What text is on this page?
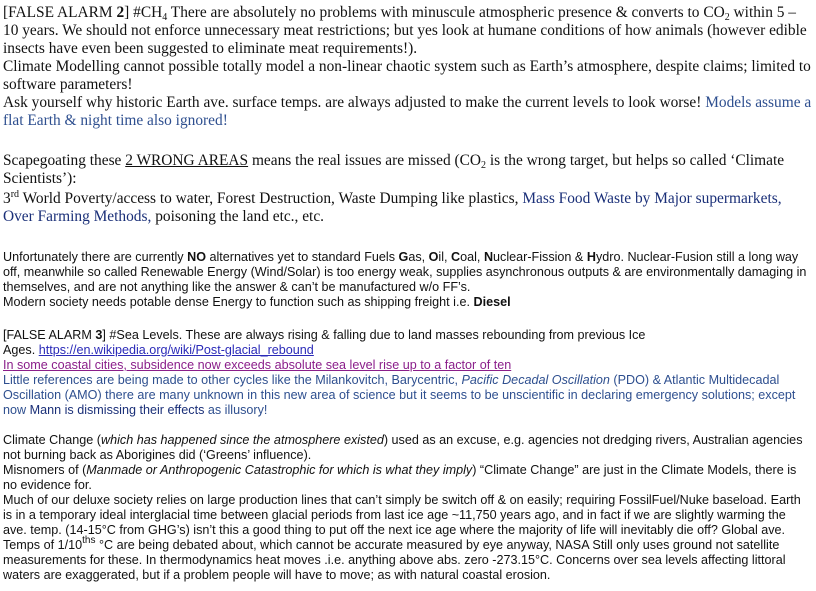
[FALSE ALARM 2] $\#CH_4$ There are absolutely no problems with minuscule atmospheric presence & converts to $CO_2$ within 5 – 10 years. We should not enforce unnecessary meat restrictions; but yes look at humane conditions of how animals (however edible insects have even been suggested to eliminate meat requirements!).

Climate Modelling cannot possible totally model a non-linear chaotic system such as Earth’s atmosphere, despite claims; limited to software parameters!

Ask yourself why historic Earth ave. surface temps. are always adjusted to make the current levels to look worse! Models assume a flat Earth & night time also ignored!

Scapegoating these 2 WRONG AREAS means the real issues are missed ($CO_2$ is the wrong target, but helps so called ‘Climate Scientists’):

3rd World Poverty/access to water, Forest Destruction, Waste Dumping like plastics, Mass Food Waste by Major supermarkets, Over Farming Methods, poisoning the land etc., etc.

Unfortunately there are currently NO alternatives yet to standard Fuels Gas, Oil, Coal, Nuclear-Fission & Hydro. Nuclear-Fusion still a long way off, meanwhile so called Renewable Energy (Wind/Solar) is too energy weak, supplies asynchronous outputs & are environmentally damaging in themselves, and are not anything like the answer & can’t be manufactured w/o FF’s.

Modern society needs potable dense Energy to function such as shipping freight i.e. Diesel

[FALSE ALARM 3] #Sea Levels. These are always rising & falling due to land masses rebounding from previous Ice Ages. https://en.wikipedia.org/wiki/Post-glacial_rebound

In some coastal cities, subsidence now exceeds absolute sea level rise up to a factor of ten

Little references are being made to other cycles like the Milankovitch, Barycentric, Pacific Decadal Oscillation (PDO) & Atlantic Multidecadal Oscillation (AMO) there are many unknown in this new area of science but it seems to be unscientific in declaring emergency solutions; except now Mann is dismissing their effects as illusory!

Climate Change (which has happened since the atmosphere existed) used as an excuse, e.g. agencies not dredging rivers, Australian agencies not burning back as Aborigines did (‘Greens’ influence).

Misnomers of (Manmade or Anthropogenic Catastrophic for which is what they imply) “Climate Change” are just in the Climate Models, there is no evidence for.

Much of our deluxe society relies on large production lines that can’t simply be switch off & on easily; requiring FossilFuel/Nuke baseload. Earth is in a temporary ideal interglacial time between glacial periods from last ice age ~11,750 years ago, and in fact if we are slightly warming the ave. temp. (14-15°C from GHG’s) isn’t this a good thing to put off the next ice age where the majority of life will inevitably die off? Global ave. Temps of $1/10^{ths}$ °C are being debated about, which cannot be accurate measured by eye anyway, NASA Still only uses ground not satellite measurements for these. In thermodynamics heat moves .i.e. anything above abs. zero -273.15°C. Concerns over sea levels affecting littoral waters are exaggerated, but if a problem people will have to move; as with natural coastal erosion.
